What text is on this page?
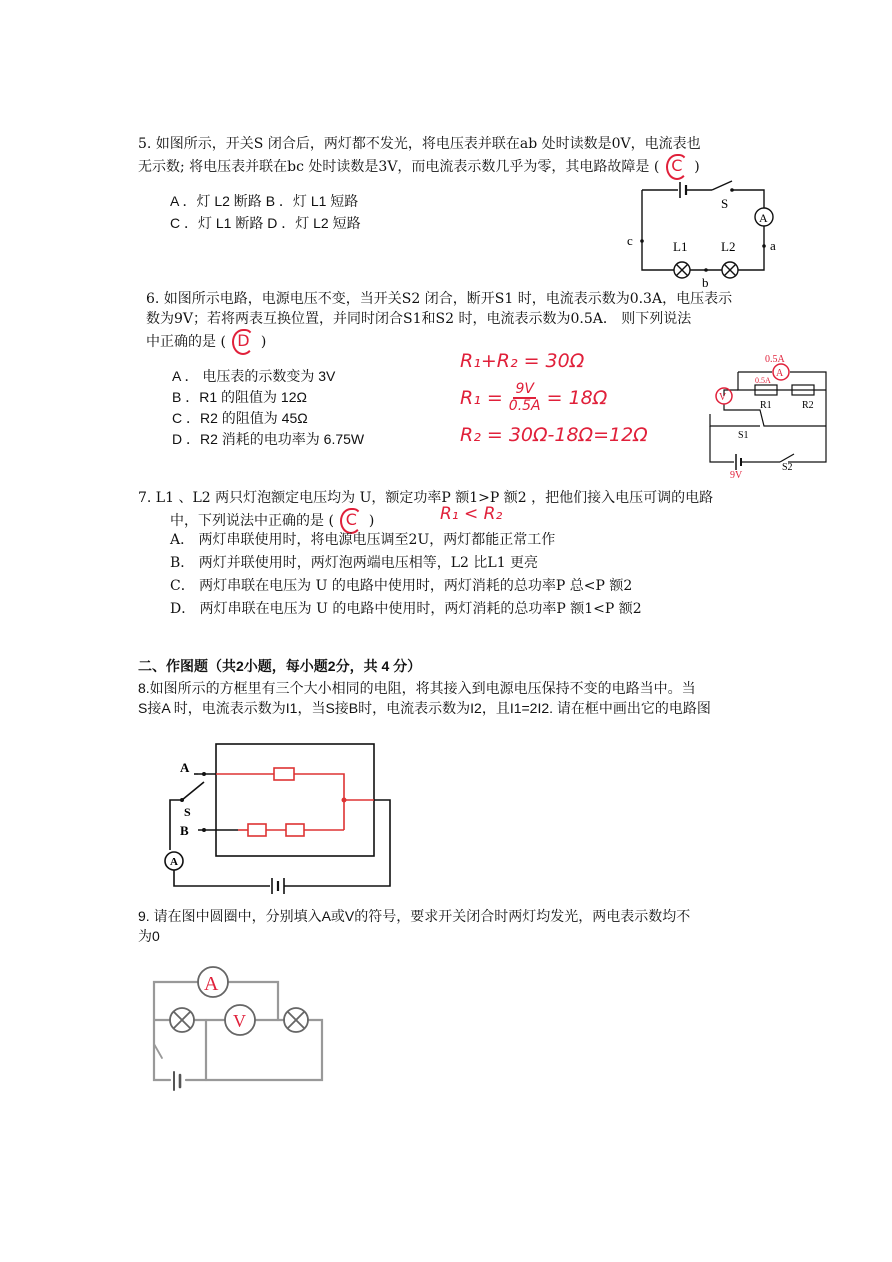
5. 如图所示，开关S 闭合后，两灯都不发光，将电压表并联在ab 处时读数是0V，电流表也
无示数; 将电压表并联在bc 处时读数是3V，而电流表示数几乎为零，其电路故障是 ( C )
A ．灯 L2 断路 B ．灯 L1 短路
C ．灯 L1 断路 D ．灯 L2 短路
S
A
c	a
b
L1	L2
6. 如图所示电路，电源电压不变，当开关S2 闭合，断开S1 时，电流表示数为0.3A，电压表示
数为9V；若将两表互换位置，并同时闭合S1和S2 时，电流表示数为0.5A． 则下列说法
中正确的是 ( D )
A ． 电压表的示数变为 3V
B ．R1 的阻值为 12Ω
C ．R2 的阻值为 45Ω
D ．R2 消耗的电功率为 6.75W
R₁+R₂ = 30Ω
$R_1 = \frac{9V}{0.5A} = 18\Omega$
R₂ = 30Ω-18Ω=12Ω
0.5A
A
V
0.5A
R1	R2
S1
S2
9V
7. L1 、L2 两只灯泡额定电压均为 U，额定功率P 额1>P 额2 ，把他们接入电压可调的电路
中，下列说法中正确的是 ( C )	R₁ < R₂
A． 两灯串联使用时，将电源电压调至2U，两灯都能正常工作
B． 两灯并联使用时，两灯泡两端电压相等，L2 比L1 更亮
C． 两灯串联在电压为 U 的电路中使用时，两灯消耗的总功率P 总<P 额2
D． 两灯串联在电压为 U 的电路中使用时，两灯消耗的总功率P 额1<P 额2
二、作图题（共2小题，每小题2分，共 4 分）
8.如图所示的方框里有三个大小相同的电阻，将其接入到电源电压保持不变的电路当中。当
S接A 时，电流表示数为I1，当S接B时，电流表示数为I2，且I1=2I2. 请在框中画出它的电路图
A
B
S
A
9. 请在图中圆圈中，分别填入A或V的符号，要求开关闭合时两灯均发光，两电表示数均不
为0
A
V
